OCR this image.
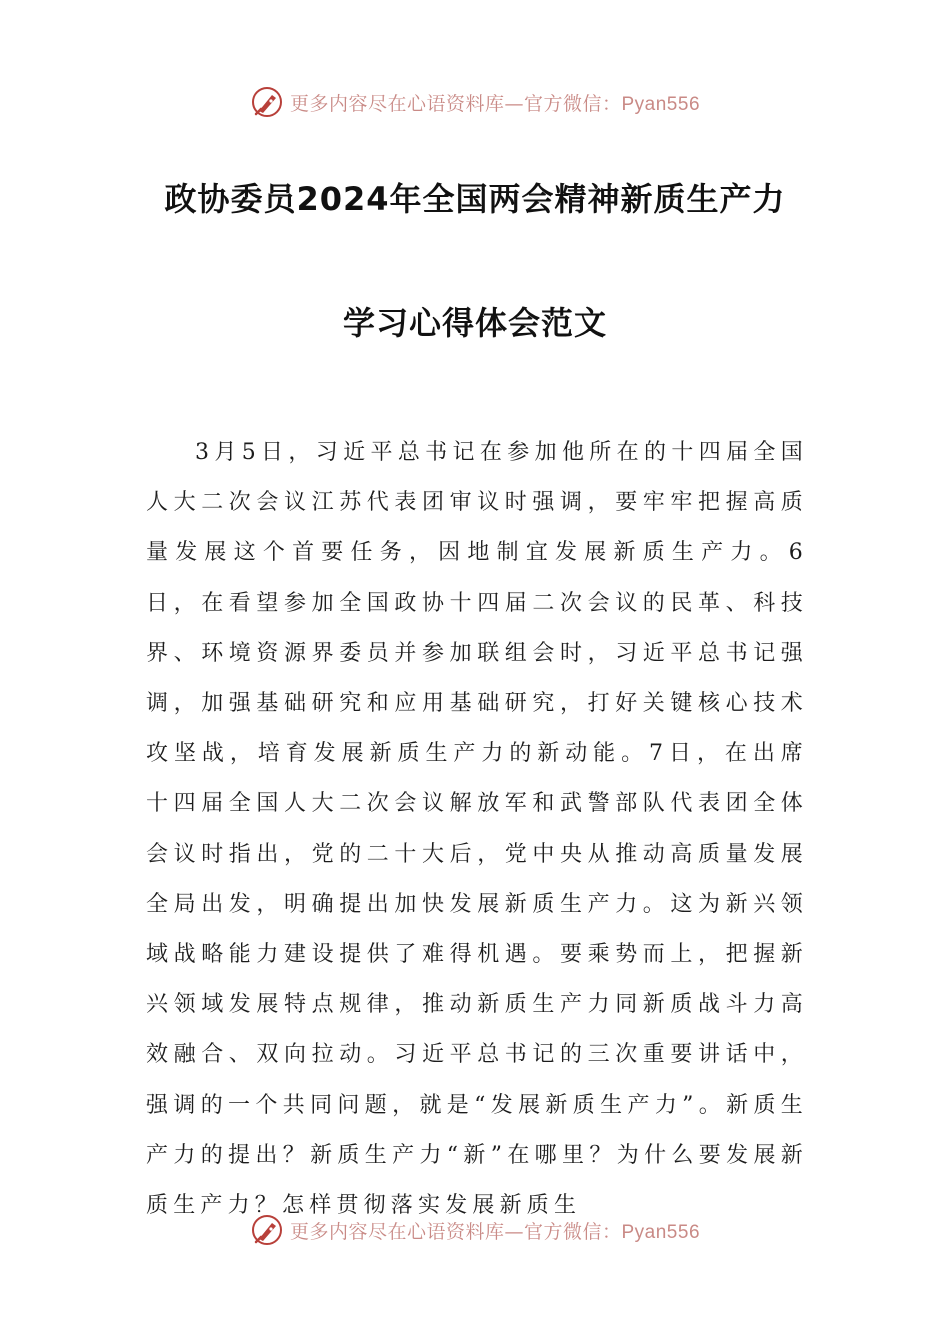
更多内容尽在心语资料库—官方微信：Pyan556
政协委员2024年全国两会精神新质生产力
学习心得体会范文

3月5日，习近平总书记在参加他所在的十四届全国人大二次会议江苏代表团审议时强调，要牢牢把握高质量发展这个首要任务，因地制宜发展新质生产力。6日，在看望参加全国政协十四届二次会议的民革、科技界、环境资源界委员并参加联组会时，习近平总书记强调，加强基础研究和应用基础研究，打好关键核心技术攻坚战，培育发展新质生产力的新动能。7日，在出席十四届全国人大二次会议解放军和武警部队代表团全体会议时指出，党的二十大后，党中央从推动高质量发展全局出发，明确提出加快发展新质生产力。这为新兴领域战略能力建设提供了难得机遇。要乘势而上，把握新兴领域发展特点规律，推动新质生产力同新质战斗力高效融合、双向拉动。习近平总书记的三次重要讲话中，强调的一个共同问题，就是“发展新质生产力”。新质生产力的提出？新质生产力“新”在哪里？为什么要发展新质生产力？怎样贯彻落实发展新质生

更多内容尽在心语资料库—官方微信：Pyan556
